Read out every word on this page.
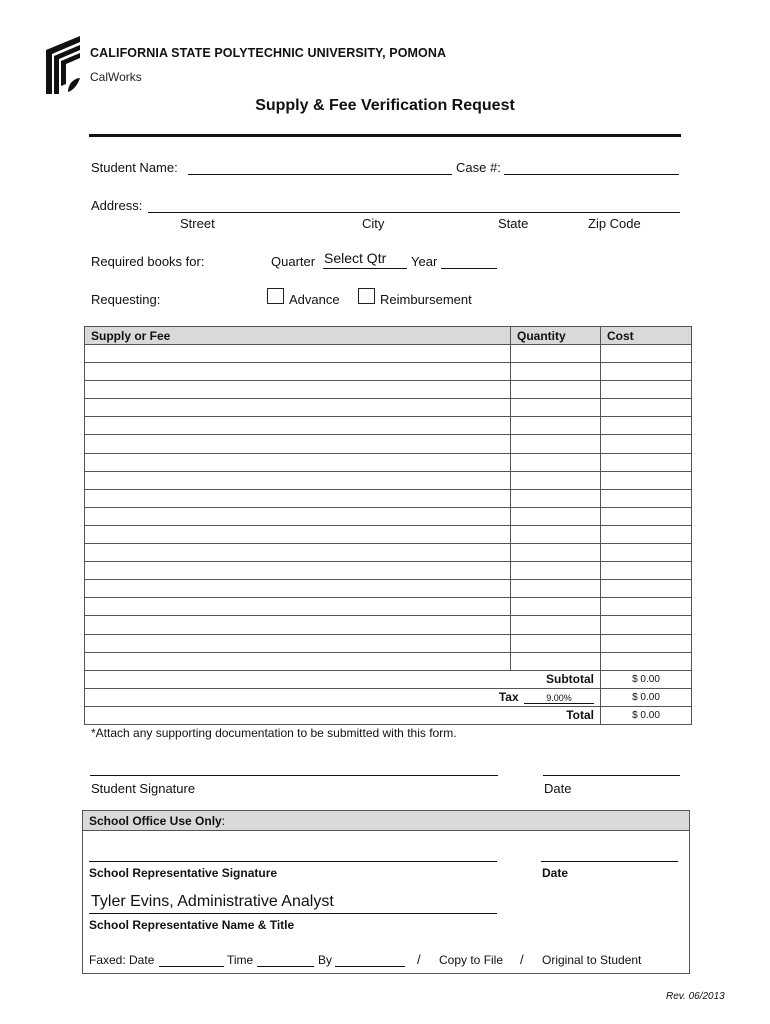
CALIFORNIA STATE POLYTECHNIC UNIVERSITY, POMONA
CalWorks
Supply & Fee Verification Request
Student Name:	Case #:
Address:
Street	City	State	Zip Code
Required books for:	Quarter Select Qtr Year
Requesting:	Advance	Reimbursement
Supply or Fee	Quantity	Cost

Subtotal		$ 0.00
Tax 9.00%		$ 0.00
Total		$ 0.00
*Attach any supporting documentation to be submitted with this form.
Student Signature	Date
School Office Use Only:
School Representative Signature	Date
Tyler Evins, Administrative Analyst
School Representative Name & Title
Faxed: Date	Time	By	/ Copy to File / Original to Student
Rev. 06/2013
